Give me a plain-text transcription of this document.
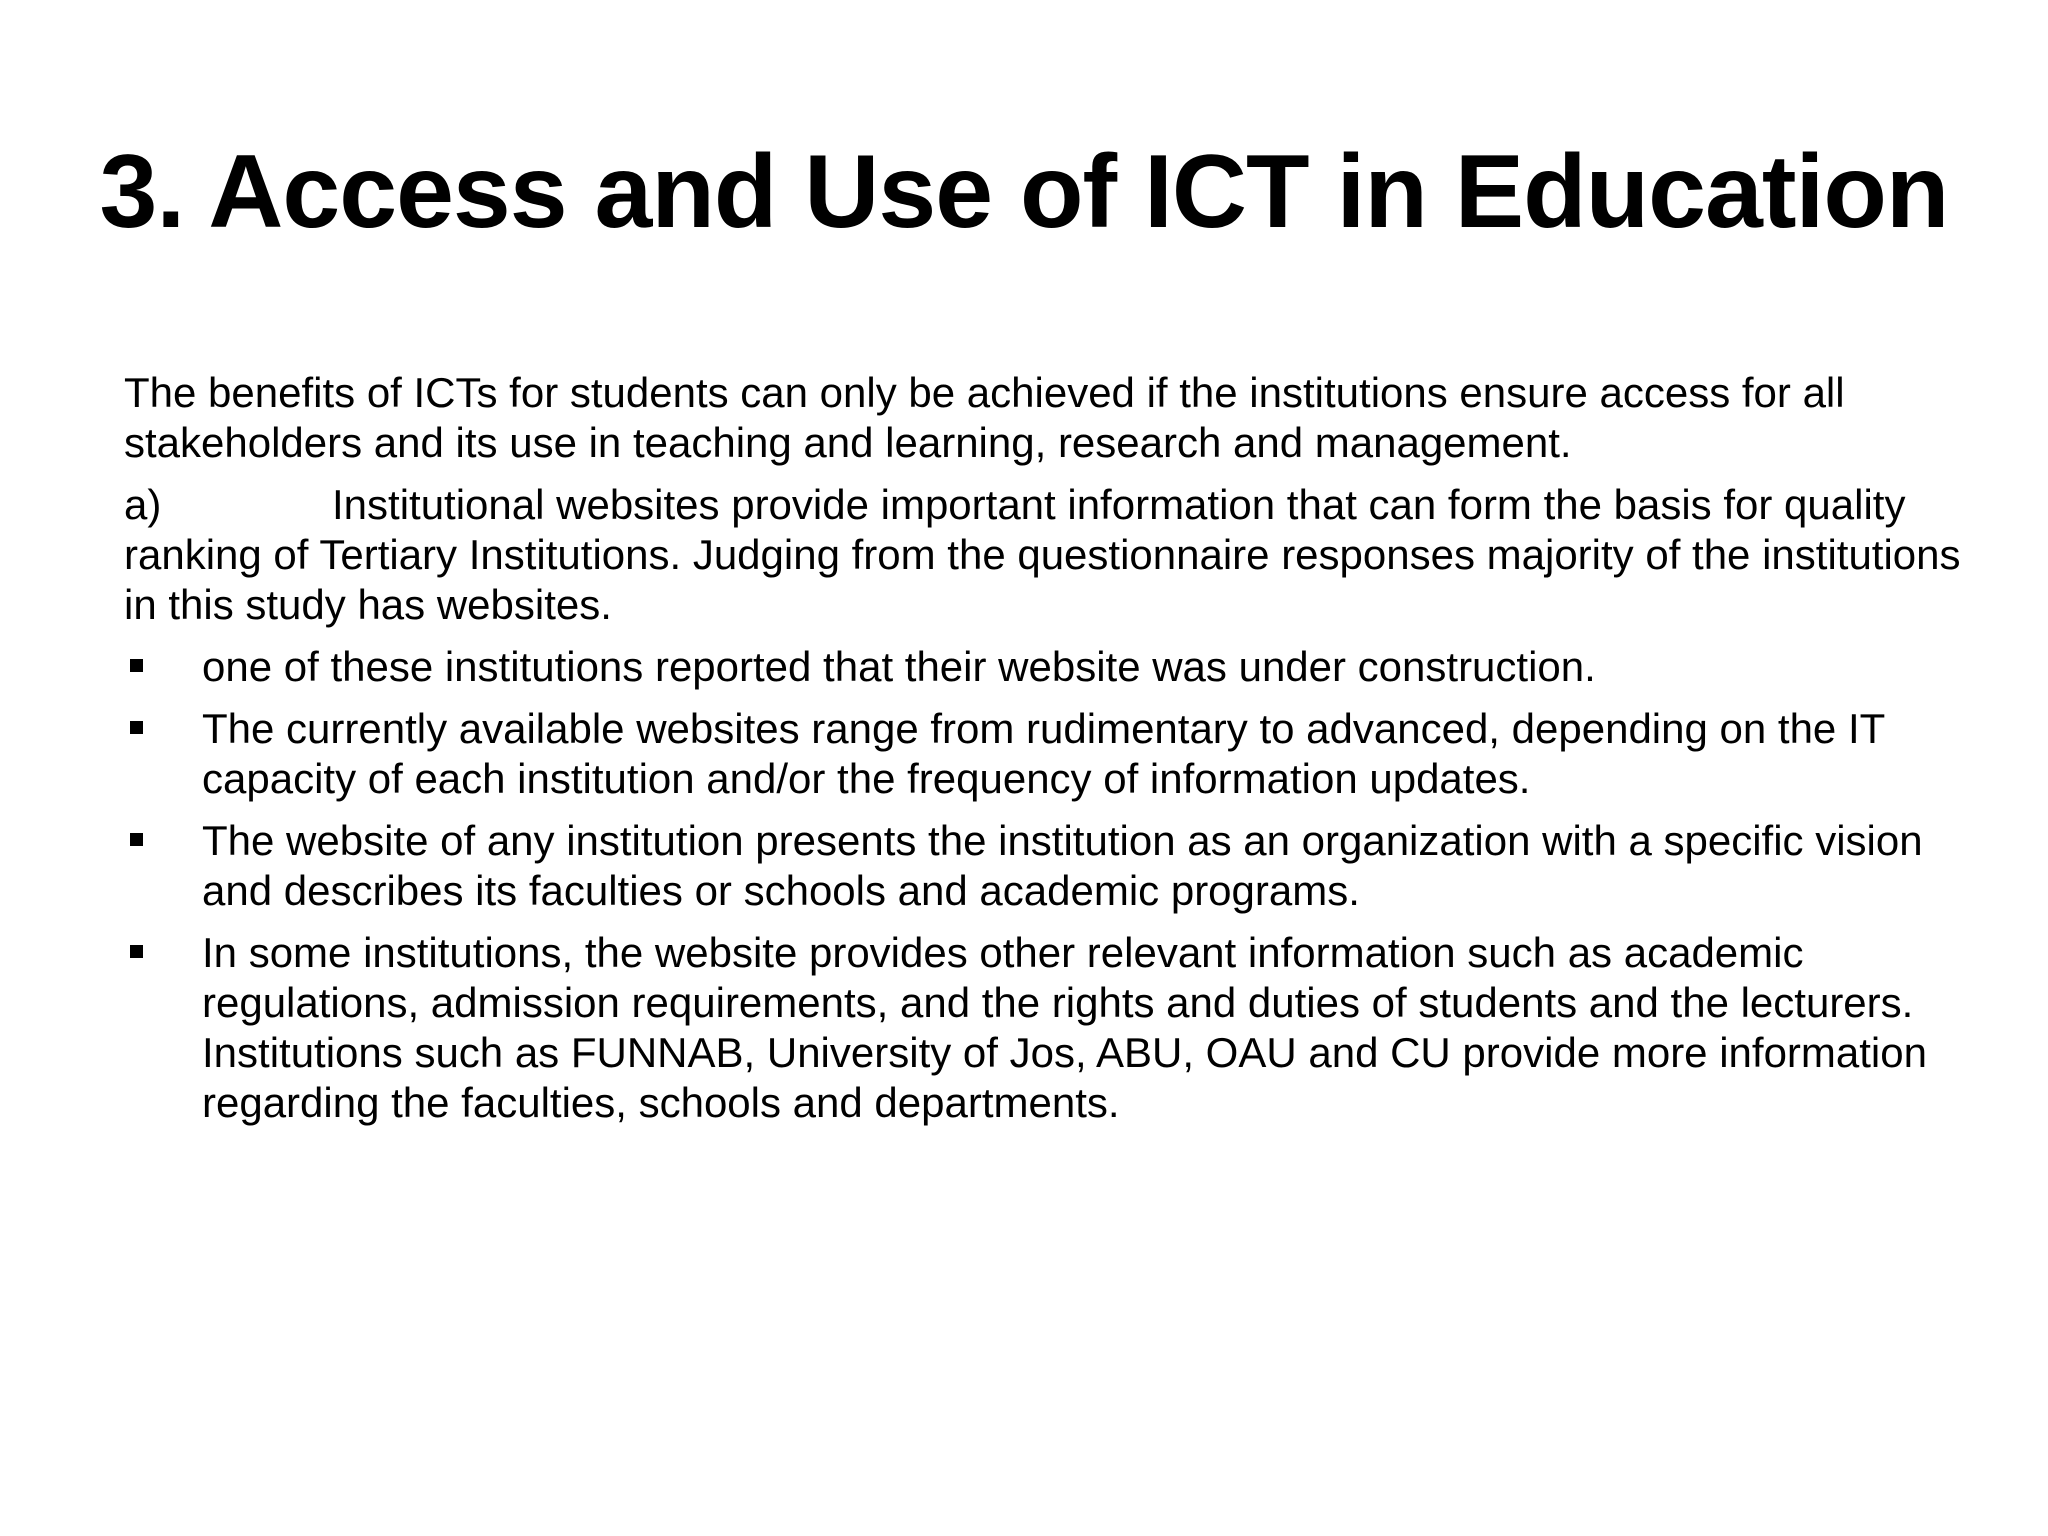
3. Access and Use of ICT in Education

The benefits of ICTs for students can only be achieved if the institutions ensure access for all stakeholders and its use in teaching and learning, research and management.

a)	Institutional websites provide important information that can form the basis for quality ranking of Tertiary Institutions. Judging from the questionnaire responses majority of the institutions in this study has websites.

one of these institutions reported that their website was under construction.
The currently available websites range from rudimentary to advanced, depending on the IT capacity of each institution and/or the frequency of information updates.
The website of any institution presents the institution as an organization with a specific vision and describes its faculties or schools and academic programs.
In some institutions, the website provides other relevant information such as academic regulations, admission requirements, and the rights and duties of students and the lecturers. Institutions such as FUNNAB, University of Jos, ABU, OAU and CU provide more information regarding the faculties, schools and departments.
